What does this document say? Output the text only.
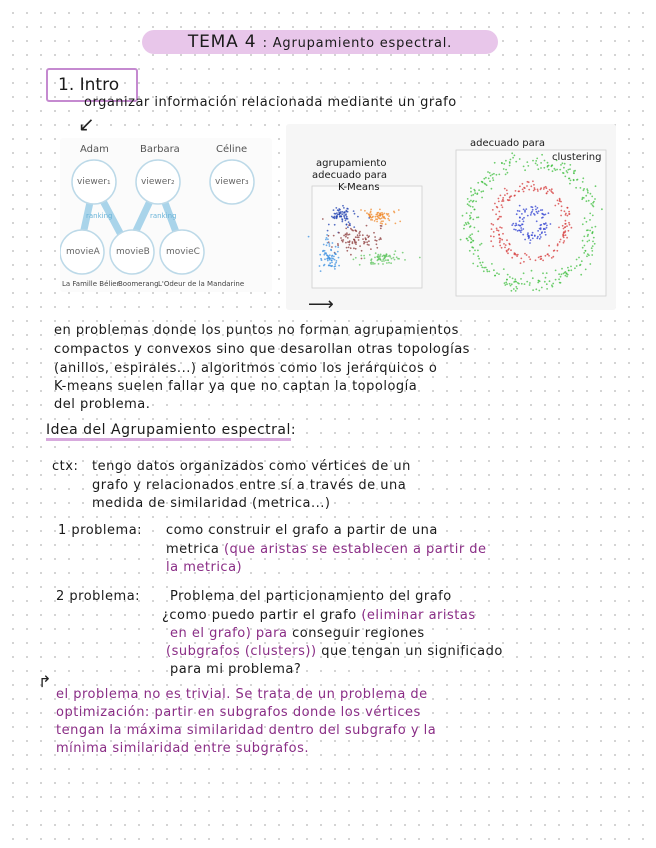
TEMA 4 : Agrupamiento espectral.
1. Intro
organizar información relacionada mediante un grafo
↙
Adam	Barbara	Céline
viewer₁	viewer₂	viewer₃
movieA movieB movieC
ranking	ranking
La Famille Bélier
Boomerang L'Odeur de la Mandarine
agrupamiento
adecuado para
K-Means
adecuado para
clustering
⟶
en problemas donde los puntos no forman agrupamientos
compactos y convexos sino que desarollan otras topologías
(anillos, espirales...) algoritmos como los jerárquicos o
K-means suelen fallar ya que no captan la topología
del problema.
Idea del Agrupamiento espectral:
ctx: tengo datos organizados como vértices de un
grafo y relacionados entre sí a través de una
medida de similaridad (metrica...)
1 problema: como construir el grafo a partir de una
metrica (que aristas se establecen a partir de
la metrica)
2 problema: Problema del particionamiento del grafo
¿como puedo partir el grafo (eliminar aristas
en el grafo) para conseguir regiones
(subgrafos (clusters)) que tengan un significado
para mi problema?
↱
el problema no es trivial. Se trata de un problema de
optimización: partir en subgrafos donde los vértices
tengan la máxima similaridad dentro del subgrafo y la
mínima similaridad entre subgrafos.
